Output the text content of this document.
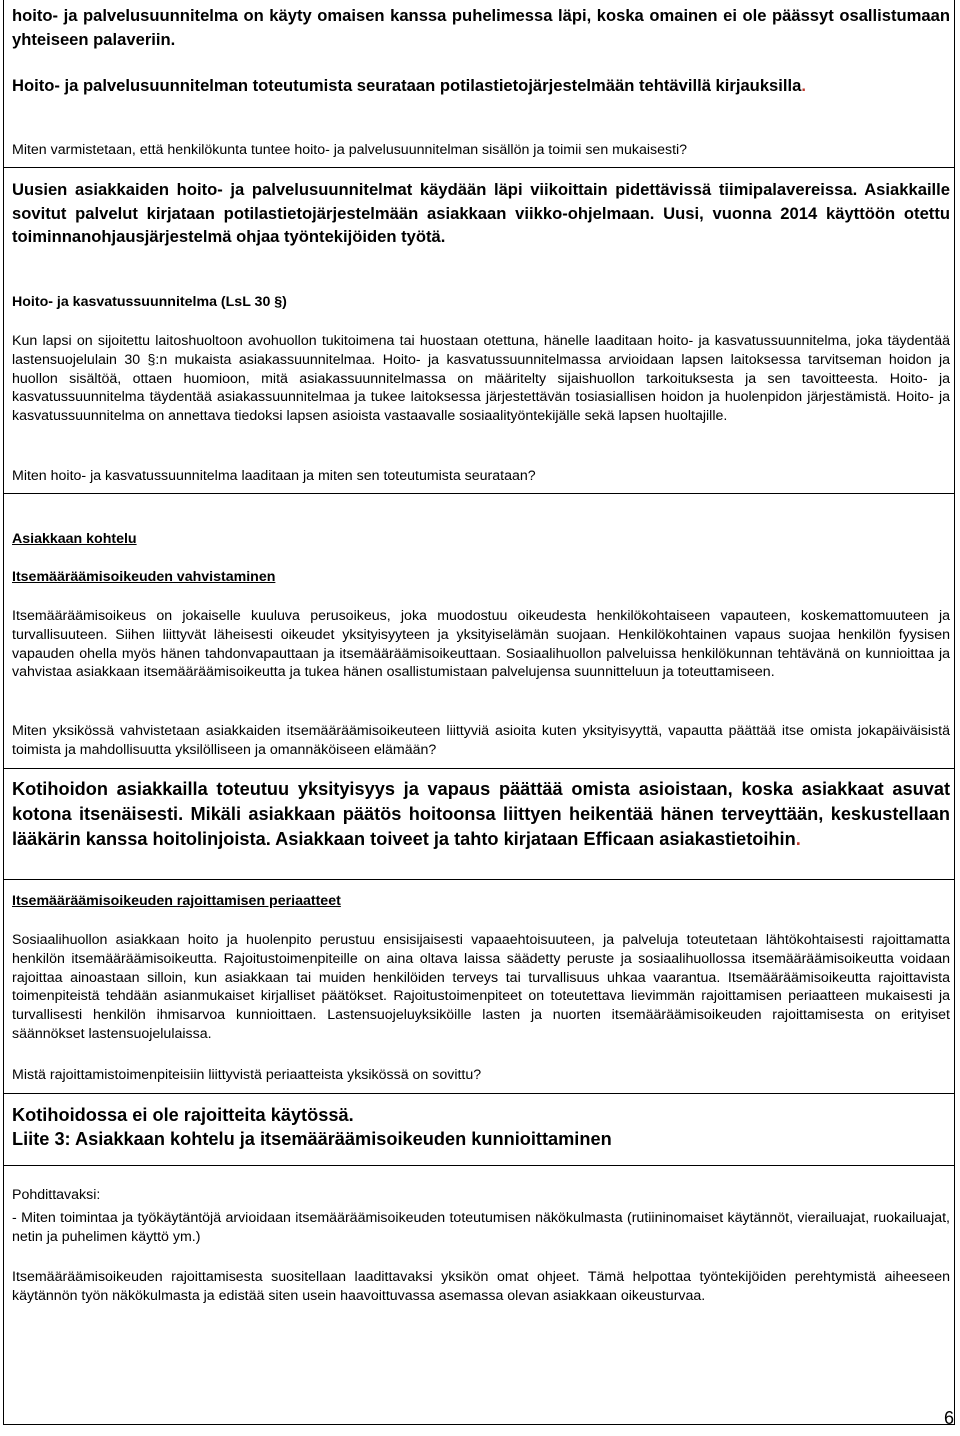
hoito- ja palvelusuunnitelma on käyty omaisen kanssa puhelimessa läpi, koska omainen ei ole päässyt osallistumaan yhteiseen palaveriin.

Hoito- ja palvelusuunnitelman toteutumista seurataan potilastietojärjestelmään tehtävillä kirjauksilla.

Miten varmistetaan, että henkilökunta tuntee hoito- ja palvelusuunnitelman sisällön ja toimii sen mukaisesti?

Uusien asiakkaiden hoito- ja palvelusuunnitelmat käydään läpi viikoittain pidettävissä tiimipalavereissa. Asiakkaille sovitut palvelut kirjataan potilastietojärjestelmään asiakkaan viikko-ohjelmaan. Uusi, vuonna 2014 käyttöön otettu toiminnanohjausjärjestelmä ohjaa työntekijöiden työtä.

Hoito- ja kasvatussuunnitelma (LsL 30 §)

Kun lapsi on sijoitettu laitoshuoltoon avohuollon tukitoimena tai huostaan otettuna, hänelle laaditaan hoito- ja kasvatussuunnitelma, joka täydentää lastensuojelulain 30 §:n mukaista asiakassuunnitelmaa. Hoito- ja kasvatussuunnitelmassa arvioidaan lapsen laitoksessa tarvitseman hoidon ja huollon sisältöä, ottaen huomioon, mitä asiakassuunnitelmassa on määritelty sijaishuollon tarkoituksesta ja sen tavoitteesta. Hoito- ja kasvatussuunnitelma täydentää asiakassuunnitelmaa ja tukee laitoksessa järjestettävän tosiasiallisen hoidon ja huolenpidon järjestämistä. Hoito- ja kasvatussuunnitelma on annettava tiedoksi lapsen asioista vastaavalle sosiaalityöntekijälle sekä lapsen huoltajille.

Miten hoito- ja kasvatussuunnitelma laaditaan ja miten sen toteutumista seurataan?

Asiakkaan kohtelu

Itsemääräämisoikeuden vahvistaminen

Itsemääräämisoikeus on jokaiselle kuuluva perusoikeus, joka muodostuu oikeudesta henkilökohtaiseen vapauteen, koskemattomuuteen ja turvallisuuteen. Siihen liittyvät läheisesti oikeudet yksityisyyteen ja yksityiselämän suojaan. Henkilökohtainen vapaus suojaa henkilön fyysisen vapauden ohella myös hänen tahdonvapauttaan ja itsemääräämisoikeuttaan. Sosiaalihuollon palveluissa henkilökunnan tehtävänä on kunnioittaa ja vahvistaa asiakkaan itsemääräämisoikeutta ja tukea hänen osallistumistaan palvelujensa suunnitteluun ja toteuttamiseen.

Miten yksikössä vahvistetaan asiakkaiden itsemääräämisoikeuteen liittyviä asioita kuten yksityisyyttä, vapautta päättää itse omista jokapäiväisistä toimista ja mahdollisuutta yksilölliseen ja omannäköiseen elämään?

Kotihoidon asiakkailla toteutuu yksityisyys ja vapaus päättää omista asioistaan, koska asiakkaat asuvat kotona itsenäisesti. Mikäli asiakkaan päätös hoitoonsa liittyen heikentää hänen terveyttään, keskustellaan lääkärin kanssa hoitolinjoista. Asiakkaan toiveet ja tahto kirjataan Efficaan asiakastietoihin.

Itsemääräämisoikeuden rajoittamisen periaatteet

Sosiaalihuollon asiakkaan hoito ja huolenpito perustuu ensisijaisesti vapaaehtoisuuteen, ja palveluja toteutetaan lähtökohtaisesti rajoittamatta henkilön itsemääräämisoikeutta. Rajoitustoimenpiteille on aina oltava laissa säädetty peruste ja sosiaalihuollossa itsemääräämisoikeutta voidaan rajoittaa ainoastaan silloin, kun asiakkaan tai muiden henkilöiden terveys tai turvallisuus uhkaa vaarantua. Itsemääräämisoikeutta rajoittavista toimenpiteistä tehdään asianmukaiset kirjalliset päätökset. Rajoitustoimenpiteet on toteutettava lievimmän rajoittamisen periaatteen mukaisesti ja turvallisesti henkilön ihmisarvoa kunnioittaen. Lastensuojeluyksiköille lasten ja nuorten itsemääräämisoikeuden rajoittamisesta on erityiset säännökset lastensuojelulaissa.

Mistä rajoittamistoimenpiteisiin liittyvistä periaatteista yksikössä on sovittu?

Kotihoidossa ei ole rajoitteita käytössä.

Liite 3: Asiakkaan kohtelu ja itsemääräämisoikeuden kunnioittaminen

Pohdittavaksi:

- Miten toimintaa ja työkäytäntöjä arvioidaan itsemääräämisoikeuden toteutumisen näkökulmasta (rutiininomaiset käytännöt, vierailuajat, ruokailuajat, netin ja puhelimen käyttö ym.)

Itsemääräämisoikeuden rajoittamisesta suositellaan laadittavaksi yksikön omat ohjeet. Tämä helpottaa työntekijöiden perehtymistä aiheeseen käytännön työn näkökulmasta ja edistää siten usein haavoittuvassa asemassa olevan asiakkaan oikeusturvaa.

6
